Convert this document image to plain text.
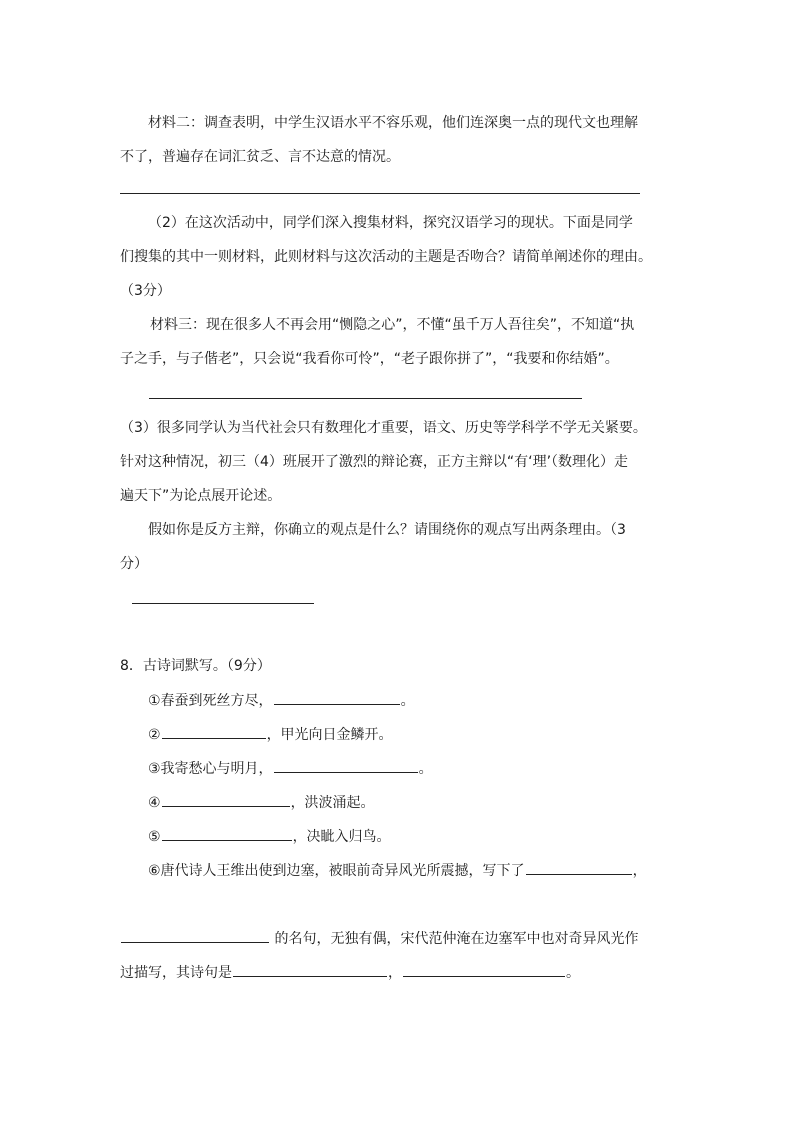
材料二：调查表明，中学生汉语水平不容乐观，他们连深奥一点的现代文也理解
不了，普遍存在词汇贫乏、言不达意的情况。
（2）在这次活动中，同学们深入搜集材料，探究汉语学习的现状。下面是同学
们搜集的其中一则材料，此则材料与这次活动的主题是否吻合？请简单阐述你的理由。
（3分）
材料三：现在很多人不再会用“恻隐之心”，不懂“虽千万人吾往矣”，不知道“执
子之手，与子偕老”，只会说“我看你可怜”，“老子跟你拼了”，“我要和你结婚”。
（3）很多同学认为当代社会只有数理化才重要，语文、历史等学科学不学无关紧要。
针对这种情况，初三（4）班展开了激烈的辩论赛，正方主辩以“有‘理’（数理化）走
遍天下”为论点展开论述。
假如你是反方主辩，你确立的观点是什么？请围绕你的观点写出两条理由。（3
分）
8．古诗词默写。（9分）
①春蚕到死丝方尽，	。
②	，甲光向日金鳞开。
③我寄愁心与明月，	。
④	，洪波涌起。
⑤	，决眦入归鸟。
⑥唐代诗人王维出使到边塞，被眼前奇异风光所震撼，写下了	，
的名句，无独有偶，宋代范仲淹在边塞军中也对奇异风光作
过描写，其诗句是	，	。
